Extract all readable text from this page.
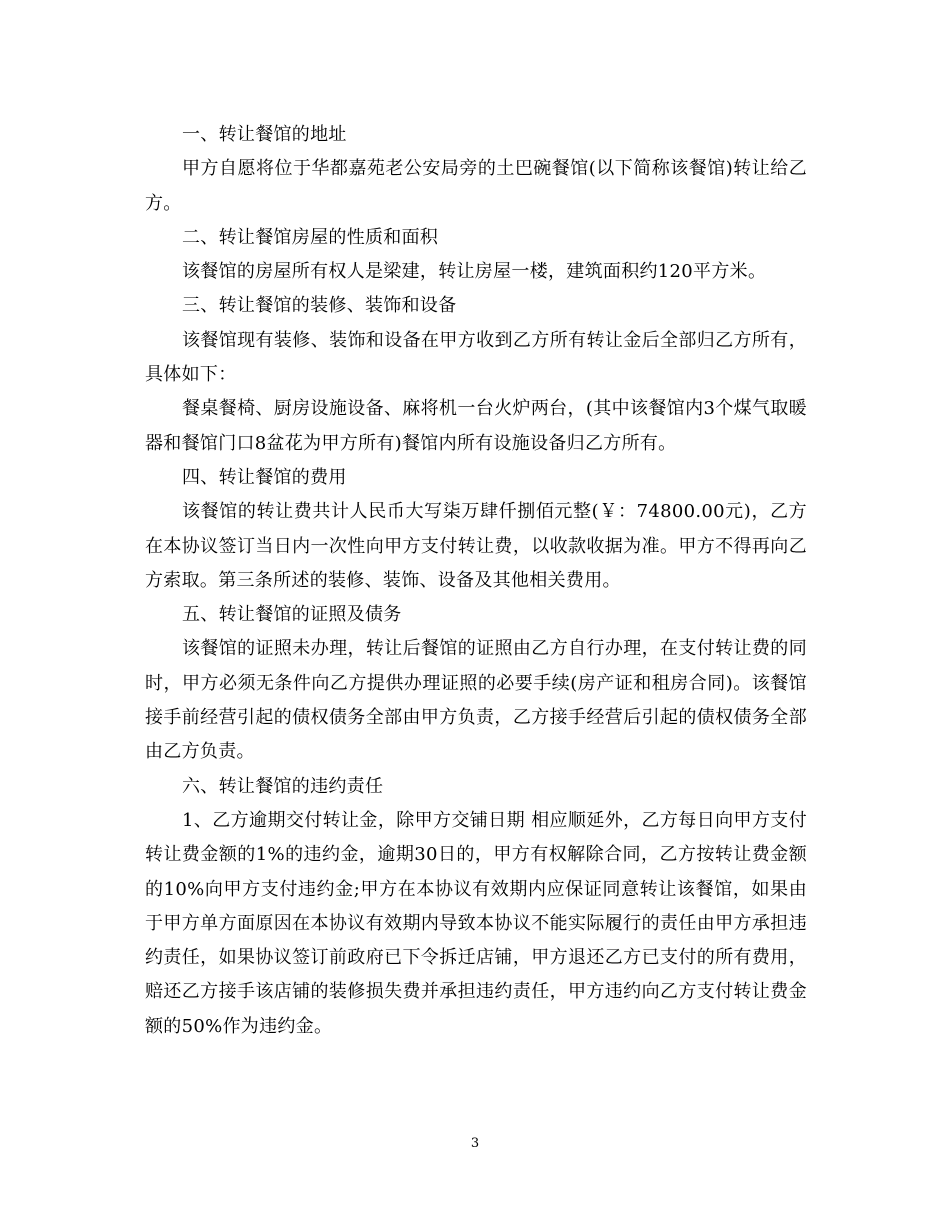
一、转让餐馆的地址

甲方自愿将位于华都嘉苑老公安局旁的土巴碗餐馆(以下简称该餐馆)转让给乙方。

二、转让餐馆房屋的性质和面积

该餐馆的房屋所有权人是梁建，转让房屋一楼，建筑面积约120平方米。

三、转让餐馆的装修、装饰和设备

该餐馆现有装修、装饰和设备在甲方收到乙方所有转让金后全部归乙方所有，具体如下：

餐桌餐椅、厨房设施设备、麻将机一台火炉两台，(其中该餐馆内3个煤气取暖器和餐馆门口8盆花为甲方所有)餐馆内所有设施设备归乙方所有。

四、转让餐馆的费用

该餐馆的转让费共计人民币大写柒万肆仟捌佰元整(￥：74800.00元)，乙方在本协议签订当日内一次性向甲方支付转让费，以收款收据为准。甲方不得再向乙方索取。第三条所述的装修、装饰、设备及其他相关费用。

五、转让餐馆的证照及债务

该餐馆的证照未办理，转让后餐馆的证照由乙方自行办理，在支付转让费的同时，甲方必须无条件向乙方提供办理证照的必要手续(房产证和租房合同)。该餐馆接手前经营引起的债权债务全部由甲方负责，乙方接手经营后引起的债权债务全部由乙方负责。

六、转让餐馆的违约责任

1、乙方逾期交付转让金，除甲方交铺日期 相应顺延外，乙方每日向甲方支付转让费金额的1%的违约金，逾期30日的，甲方有权解除合同，乙方按转让费金额的10%向甲方支付违约金;甲方在本协议有效期内应保证同意转让该餐馆，如果由于甲方单方面原因在本协议有效期内导致本协议不能实际履行的责任由甲方承担违约责任，如果协议签订前政府已下令拆迁店铺，甲方退还乙方已支付的所有费用，赔还乙方接手该店铺的装修损失费并承担违约责任，甲方违约向乙方支付转让费金额的50%作为违约金。

3
